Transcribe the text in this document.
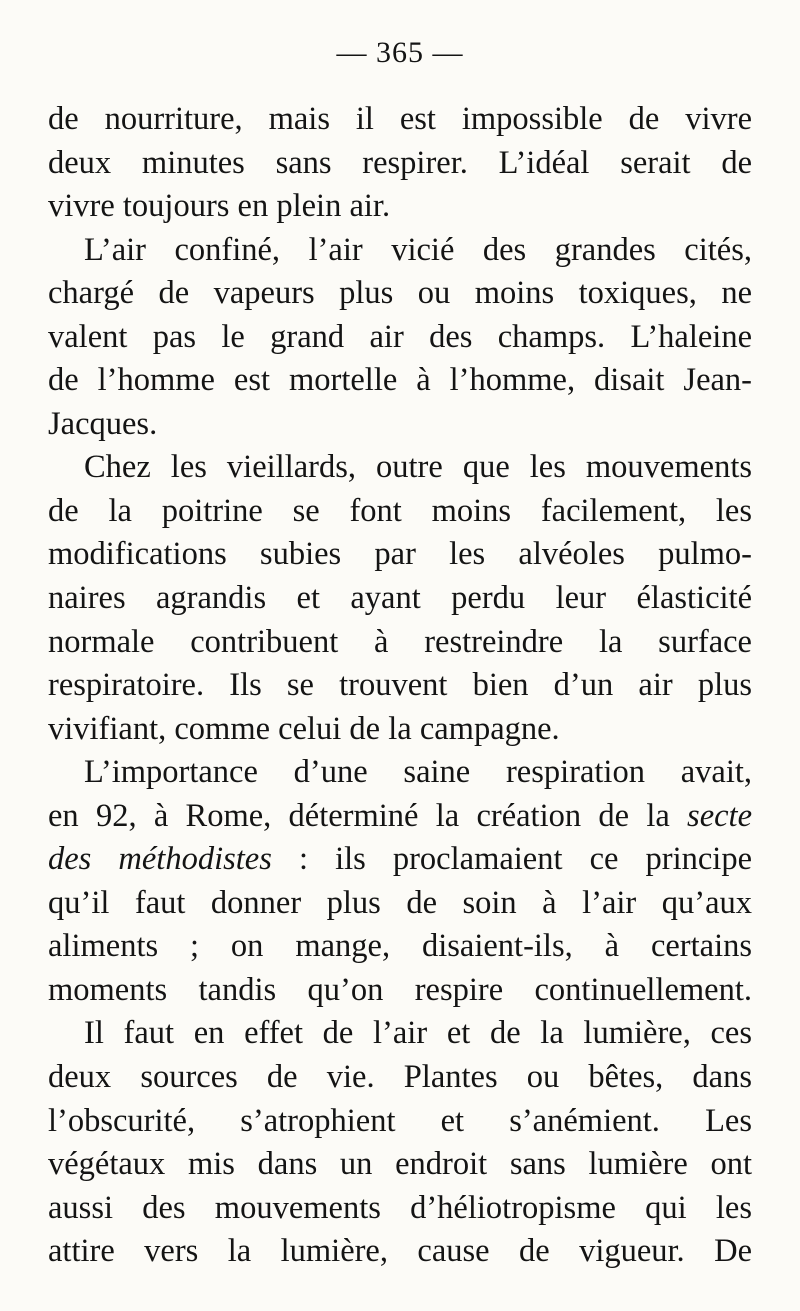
— 365 —
de nourriture, mais il est impossible de vivre
deux minutes sans respirer. L’idéal serait de
vivre toujours en plein air.
L’air confiné, l’air vicié des grandes cités,
chargé de vapeurs plus ou moins toxiques, ne
valent pas le grand air des champs. L’haleine
de l’homme est mortelle à l’homme, disait Jean-
Jacques.
Chez les vieillards, outre que les mouvements
de la poitrine se font moins facilement, les
modifications subies par les alvéoles pulmo-
naires agrandis et ayant perdu leur élasticité
normale contribuent à restreindre la surface
respiratoire. Ils se trouvent bien d’un air plus
vivifiant, comme celui de la campagne.
L’importance d’une saine respiration avait,
en 92, à Rome, déterminé la création de la secte
des méthodistes : ils proclamaient ce principe
qu’il faut donner plus de soin à l’air qu’aux
aliments ; on mange, disaient-ils, à certains
moments tandis qu’on respire continuellement.
Il faut en effet de l’air et de la lumière, ces
deux sources de vie. Plantes ou bêtes, dans
l’obscurité, s’atrophient et s’anémient. Les
végétaux mis dans un endroit sans lumière ont
aussi des mouvements d’héliotropisme qui les
attire vers la lumière, cause de vigueur. De
